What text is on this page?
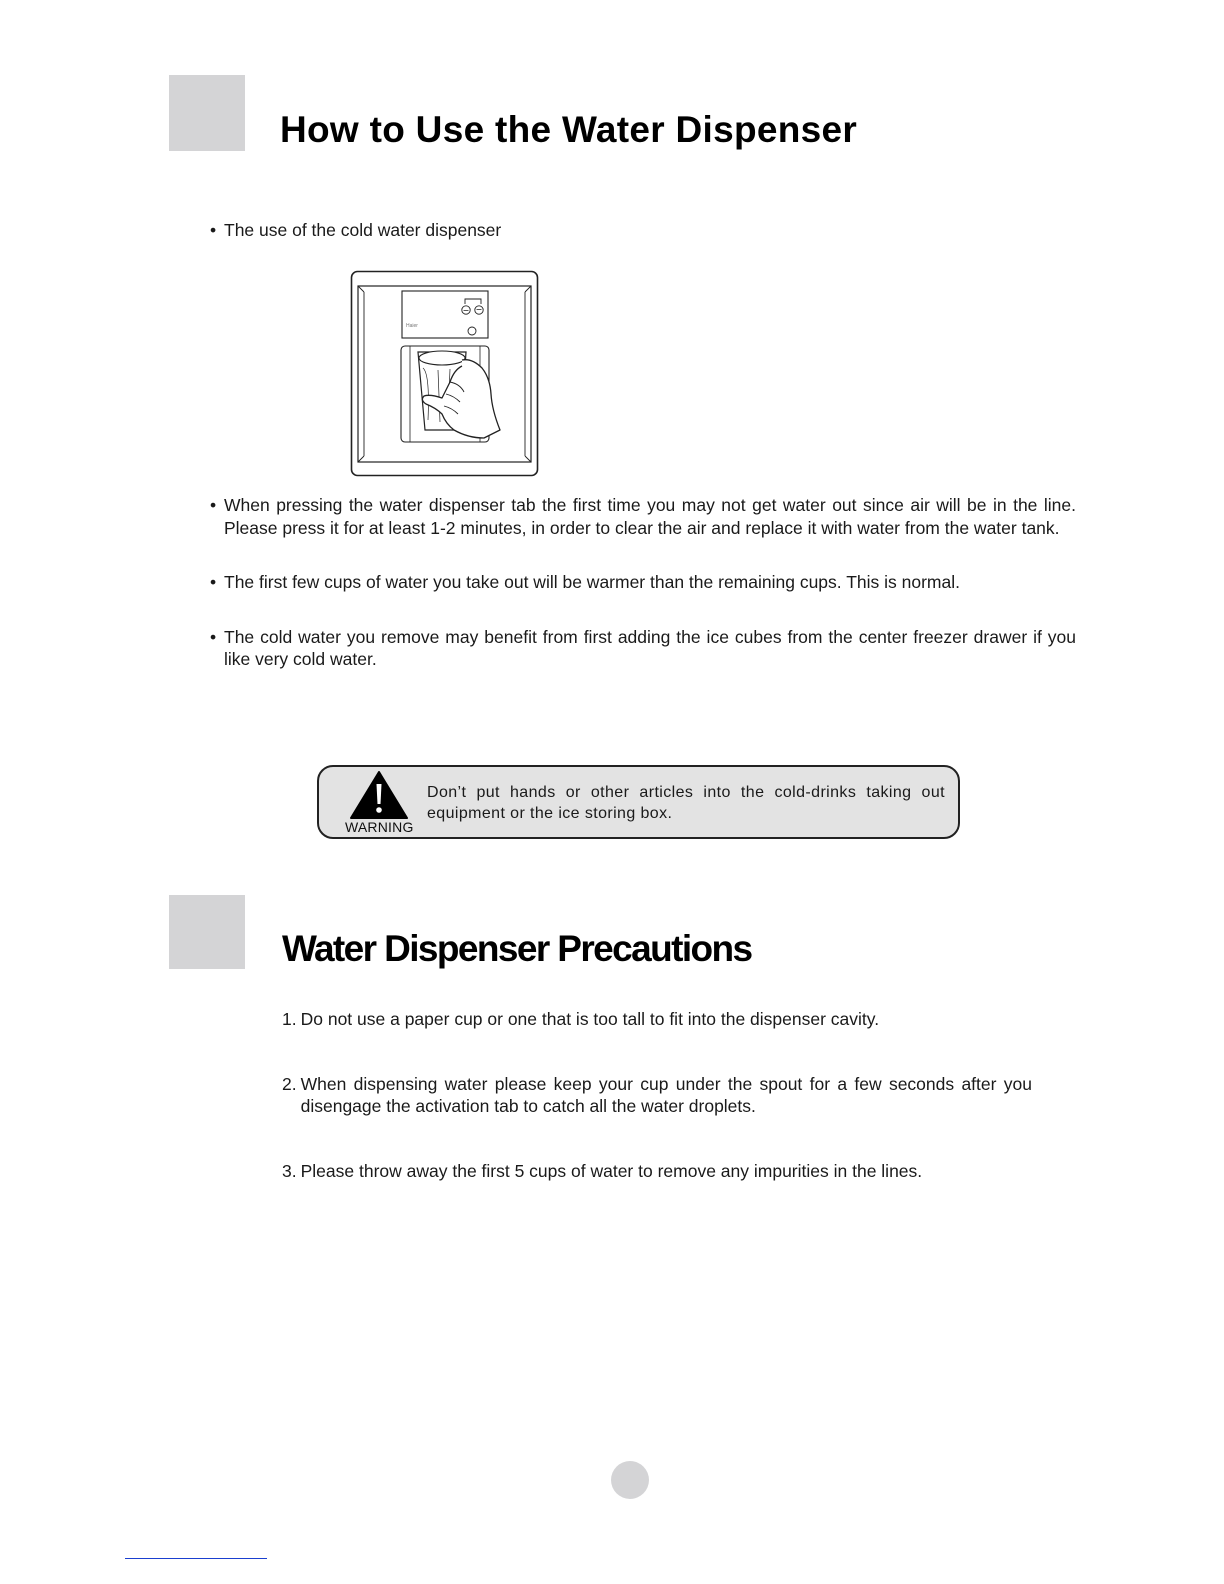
How to Use the Water Dispenser
• The use of the cold water dispenser
Haier
• When pressing the water dispenser tab the first time you may not get water out since air will be in the line. Please press it for at least 1-2 minutes, in order to clear the air and replace it with water from the water tank.
• The first few cups of water you take out will be warmer than the remaining cups. This is normal.
• The cold water you remove may benefit from first adding the ice cubes from the center freezer drawer if you like very cold water.
WARNING
Don’t put hands or other articles into the cold-drinks taking out equipment or the ice storing box.
Water Dispenser Precautions
1. Do not use a paper cup or one that is too tall to fit into the dispenser cavity.
2. When dispensing water please keep your cup under the spout for a few seconds after you disengage the activation tab to catch all the water droplets.
3. Please throw away the first 5 cups of water to remove any impurities in the lines.
